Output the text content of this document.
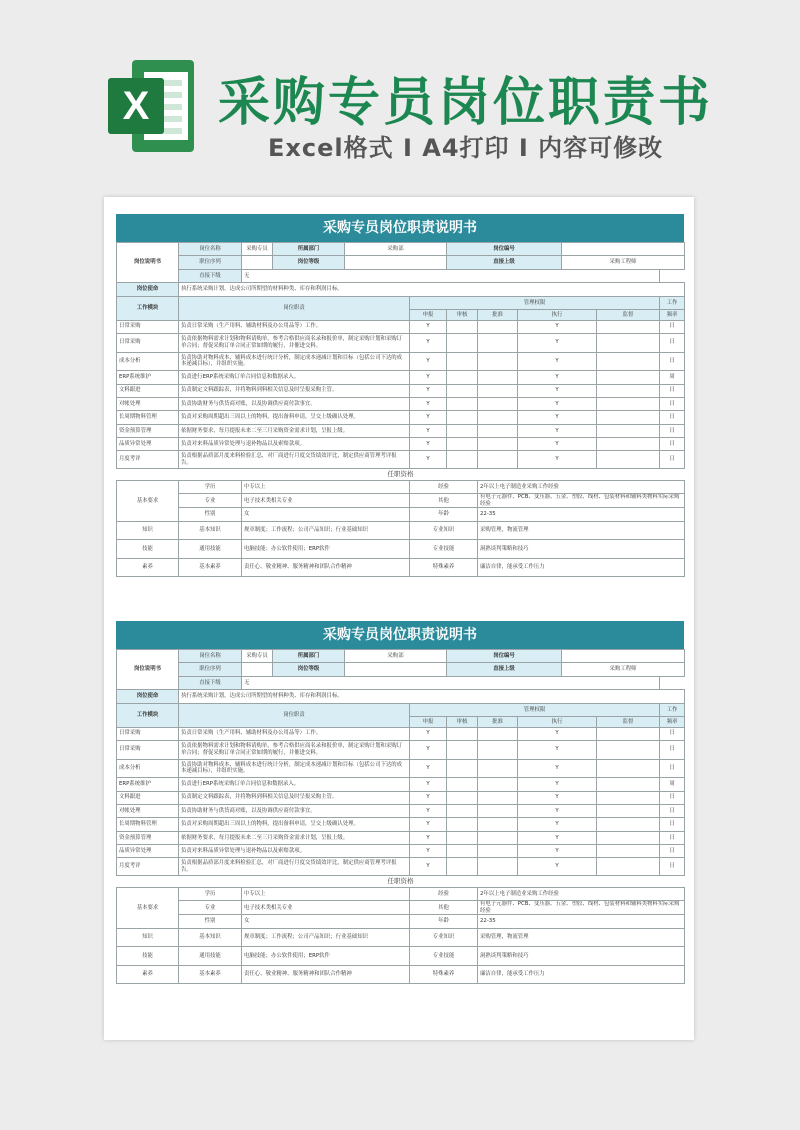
X 采购专员岗位职责书
Excel格式 I A4打印 I 内容可修改
采购专员岗位职责说明书
岗位说明书	岗位名称	采购专员	所属部门	采购部		岗位编号					
	职位序列		岗位等级			直接上级			采购工程师		
	直接下级	无									
岗位使命	执行系统采购计划，达成公司所期望的材料种类、库存和利润目标。										
工作模块	岗位职责				管理权限						工作
					申报	审核	批准	执行		监督	频率
日常采购	负责日常采购（生产用料、辅助材料及办公用品等）工作。				Y			Y			日
日常采购	负责依据物料需求计划和物料请购单，参考合格供应商名录和报价单，制定采购计划和采购订单合同；督促采购订单合同正常如期的履行，并催进交料。				Y			Y			日
成本分析	负责协助对物料成本、辅料成本进行统计分析，制定成本递减计划和目标（包括公司下达的成本递减目标），并组织实施。				Y			Y			日
ERP系统维护	负责进行ERP系统采购订单合同信息和数据录入。				Y			Y			周
文料跟进	负责制定文料跟踪表，并将物料到料相关信息及时呈报采购主管。				Y			Y			日
对帐处理	负责协助财务与供货商对账，以及协调供应商付款事宜。				Y			Y			日
长周期物料管理	负责对采购周期超出三周以上的物料，提出备料申请，呈交上级确认处理。				Y			Y			日
资金预算管理	依据财务要求，每月提报未来二至三月采购资金需求计划，呈报上级。				Y			Y			日
品质异常处理	负责对来料品质异常处理与退补物品以及索赔款项。				Y			Y			日
月度考评	负责根据品质部月度来料检验汇总，对厂商进行月度交货绩效评比，制定供应商管理考评报告。				Y			Y			日
任职资格											
基本要求	学历	中专以上			经验		2年以上电子制造业采购工作经验				
	专业	电子技术类相关专业			其他		有电子元器件、PCB、变压器、五金、塑胶、线材、包装材料和辅料类物料实际采购经验				
	性别	女			年龄		22-35				
知识	基本知识	规章制度；工作流程；公司产品知识；行业基础知识			专业知识		采购管理，物流管理				
技能	通用技能	电脑技能；办公软件使用；ERP软件			专业技能		洞熟谈判策略和技巧				
素养	基本素养	责任心、敬业精神、服务精神和团队合作精神			特殊素养		廉洁自律，能承受工作压力				
采购专员岗位职责说明书
岗位说明书	岗位名称	采购专员	所属部门	采购部		岗位编号					
	职位序列		岗位等级			直接上级			采购工程师		
	直接下级	无									
岗位使命	执行系统采购计划，达成公司所期望的材料种类、库存和利润目标。										
工作模块	岗位职责				管理权限						工作
					申报	审核	批准	执行		监督	频率
日常采购	负责日常采购（生产用料、辅助材料及办公用品等）工作。				Y			Y			日
日常采购	负责依据物料需求计划和物料请购单，参考合格供应商名录和报价单，制定采购计划和采购订单合同；督促采购订单合同正常如期的履行，并催进交料。				Y			Y			日
成本分析	负责协助对物料成本、辅料成本进行统计分析，制定成本递减计划和目标（包括公司下达的成本递减目标），并组织实施。				Y			Y			日
ERP系统维护	负责进行ERP系统采购订单合同信息和数据录入。				Y			Y			周
文料跟进	负责制定文料跟踪表，并将物料到料相关信息及时呈报采购主管。				Y			Y			日
对帐处理	负责协助财务与供货商对账，以及协调供应商付款事宜。				Y			Y			日
长周期物料管理	负责对采购周期超出三周以上的物料，提出备料申请，呈交上级确认处理。				Y			Y			日
资金预算管理	依据财务要求，每月提报未来二至三月采购资金需求计划，呈报上级。				Y			Y			日
品质异常处理	负责对来料品质异常处理与退补物品以及索赔款项。				Y			Y			日
月度考评	负责根据品质部月度来料检验汇总，对厂商进行月度交货绩效评比，制定供应商管理考评报告。				Y			Y			日
任职资格											
基本要求	学历	中专以上			经验		2年以上电子制造业采购工作经验				
	专业	电子技术类相关专业			其他		有电子元器件、PCB、变压器、五金、塑胶、线材、包装材料和辅料类物料实际采购经验				
	性别	女			年龄		22-35				
知识	基本知识	规章制度；工作流程；公司产品知识；行业基础知识			专业知识		采购管理，物流管理				
技能	通用技能	电脑技能；办公软件使用；ERP软件			专业技能		洞熟谈判策略和技巧				
素养	基本素养	责任心、敬业精神、服务精神和团队合作精神			特殊素养		廉洁自律，能承受工作压力				
